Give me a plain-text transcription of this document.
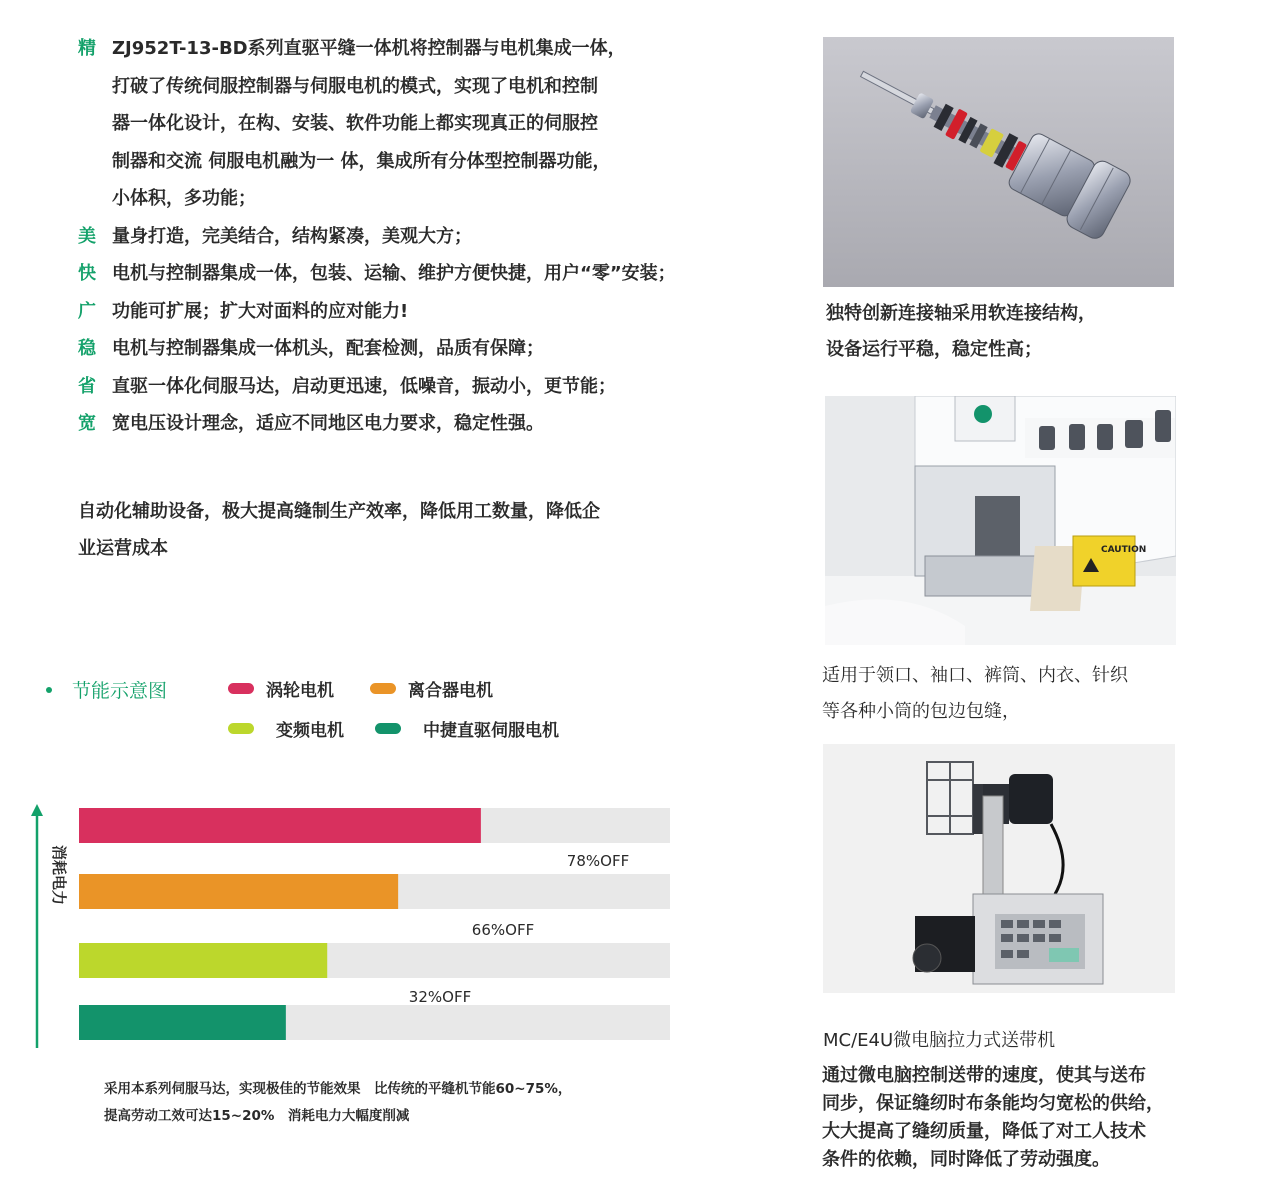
精 ZJ952T-13-BD系列直驱平缝一体机将控制器与电机集成一体，
打破了传统伺服控制器与伺服电机的模式，实现了电机和控制
器一体化设计，在构、安装、软件功能上都实现真正的伺服控
制器和交流 伺服电机融为一 体，集成所有分体型控制器功能，
小体积，多功能；
美 量身打造，完美结合，结构紧凑，美观大方；
快 电机与控制器集成一体，包装、运输、维护方便快捷，用户“零”安装；
广 功能可扩展；扩大对面料的应对能力!
稳 电机与控制器集成一体机头，配套检测，品质有保障；
省 直驱一体化伺服马达，启动更迅速，低噪音，振动小，更节能；
宽 宽电压设计理念，适应不同地区电力要求，稳定性强。
自动化辅助设备，极大提高缝制生产效率，降低用工数量，降低企
业运营成本
节能示意图	涡轮电机	离合器电机
变频电机	中捷直驱伺服电机
消耗电力	78%OFF
66%OFF
32%OFF
采用本系列伺服马达，实现极佳的节能效果　比传统的平缝机节能60~75%，
提高劳动工效可达15~20%　消耗电力大幅度削减
独特创新连接轴采用软连接结构，
设备运行平稳，稳定性高；
CAUTION
适用于领口、袖口、裤筒、内衣、针织
等各种小筒的包边包缝，
MC/E4U微电脑拉力式送带机
通过微电脑控制送带的速度，使其与送布
同步，保证缝纫时布条能均匀宽松的供给，
大大提高了缝纫质量，降低了对工人技术
条件的依赖，同时降低了劳动强度。
